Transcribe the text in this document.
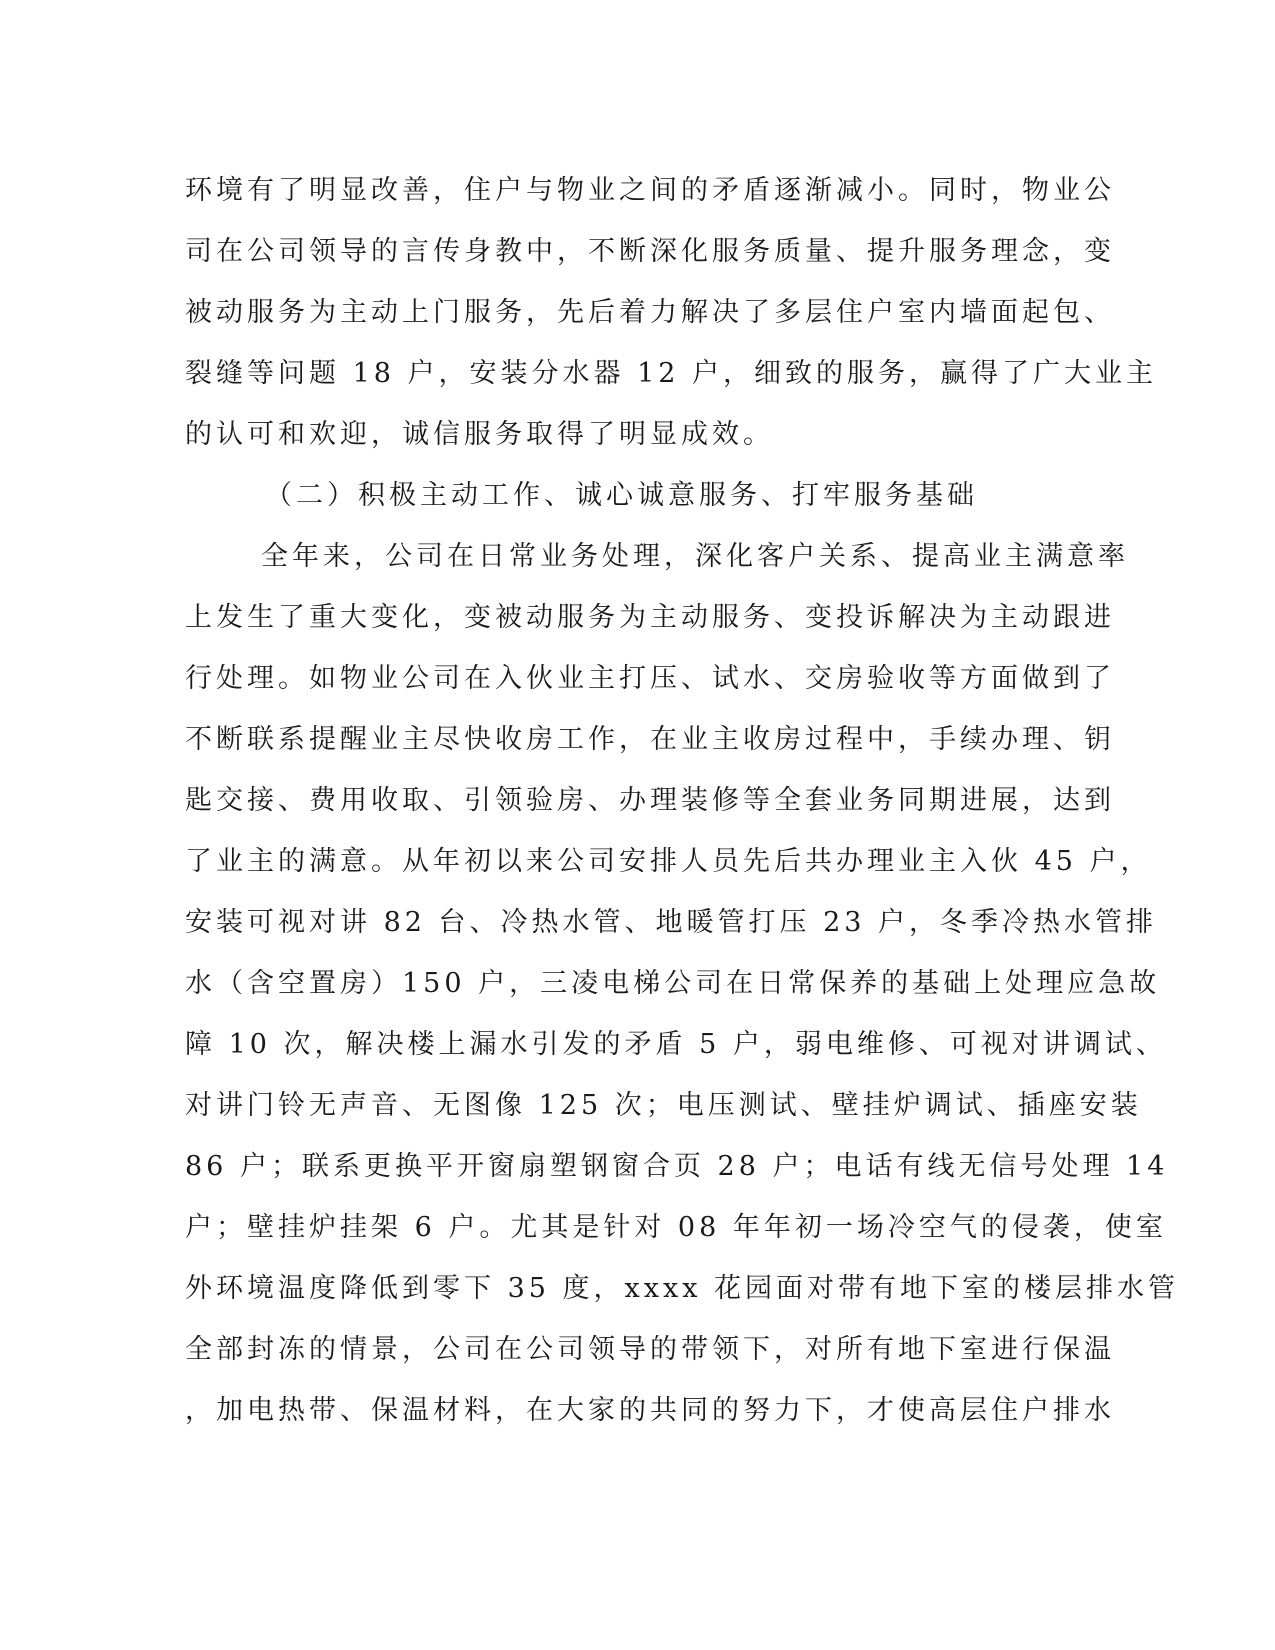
环境有了明显改善，住户与物业之间的矛盾逐渐减小。同时，物业公
司在公司领导的言传身教中，不断深化服务质量、提升服务理念，变
被动服务为主动上门服务，先后着力解决了多层住户室内墙面起包、
裂缝等问题 18 户，安装分水器 12 户，细致的服务，赢得了广大业主
的认可和欢迎，诚信服务取得了明显成效。
（二）积极主动工作、诚心诚意服务、打牢服务基础
全年来，公司在日常业务处理，深化客户关系、提高业主满意率
上发生了重大变化，变被动服务为主动服务、变投诉解决为主动跟进
行处理。如物业公司在入伙业主打压、试水、交房验收等方面做到了
不断联系提醒业主尽快收房工作，在业主收房过程中，手续办理、钥
匙交接、费用收取、引领验房、办理装修等全套业务同期进展，达到
了业主的满意。从年初以来公司安排人员先后共办理业主入伙 45 户，
安装可视对讲 82 台、冷热水管、地暖管打压 23 户，冬季冷热水管排
水（含空置房）150 户，三凌电梯公司在日常保养的基础上处理应急故
障 10 次，解决楼上漏水引发的矛盾 5 户，弱电维修、可视对讲调试、
对讲门铃无声音、无图像 125 次；电压测试、壁挂炉调试、插座安装
86 户；联系更换平开窗扇塑钢窗合页 28 户；电话有线无信号处理 14
户；壁挂炉挂架 6 户。尤其是针对 08 年年初一场冷空气的侵袭，使室
外环境温度降低到零下 35 度，xxxx 花园面对带有地下室的楼层排水管
全部封冻的情景，公司在公司领导的带领下，对所有地下室进行保温
，加电热带、保温材料，在大家的共同的努力下，才使高层住户排水
